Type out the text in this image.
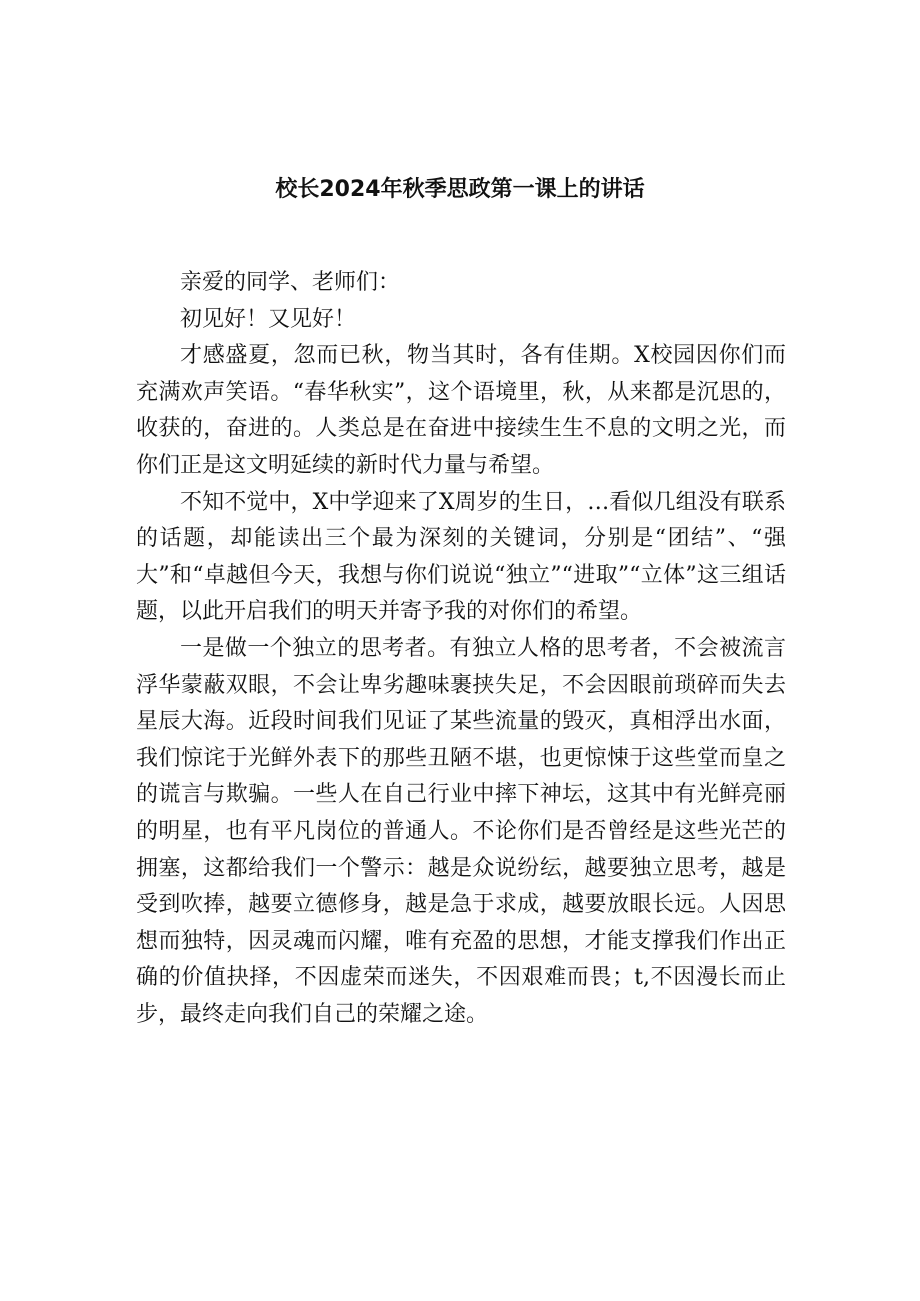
校长2024年秋季思政第一课上的讲话

亲爱的同学、老师们：

初见好！又见好！

才感盛夏，忽而已秋，物当其时，各有佳期。X校园因你们而充满欢声笑语。“春华秋实”，这个语境里，秋，从来都是沉思的，收获的，奋进的。人类总是在奋进中接续生生不息的文明之光，而你们正是这文明延续的新时代力量与希望。

不知不觉中，X中学迎来了X周岁的生日，…看似几组没有联系的话题，却能读出三个最为深刻的关键词，分别是“团结”、“强大”和“卓越但今天，我想与你们说说“独立”“进取”“立体”这三组话题，以此开启我们的明天并寄予我的对你们的希望。

一是做一个独立的思考者。有独立人格的思考者，不会被流言浮华蒙蔽双眼，不会让卑劣趣味裹挟失足，不会因眼前琐碎而失去星辰大海。近段时间我们见证了某些流量的毁灭，真相浮出水面，我们惊诧于光鲜外表下的那些丑陋不堪，也更惊悚于这些堂而皇之的谎言与欺骗。一些人在自己行业中摔下神坛，这其中有光鲜亮丽的明星，也有平凡岗位的普通人。不论你们是否曾经是这些光芒的拥塞，这都给我们一个警示：越是众说纷纭，越要独立思考，越是受到吹捧，越要立德修身，越是急于求成，越要放眼长远。人因思想而独特，因灵魂而闪耀，唯有充盈的思想，才能支撑我们作出正确的价值抉择，不因虚荣而迷失，不因艰难而畏；t,不因漫长而止步，最终走向我们自己的荣耀之途。
